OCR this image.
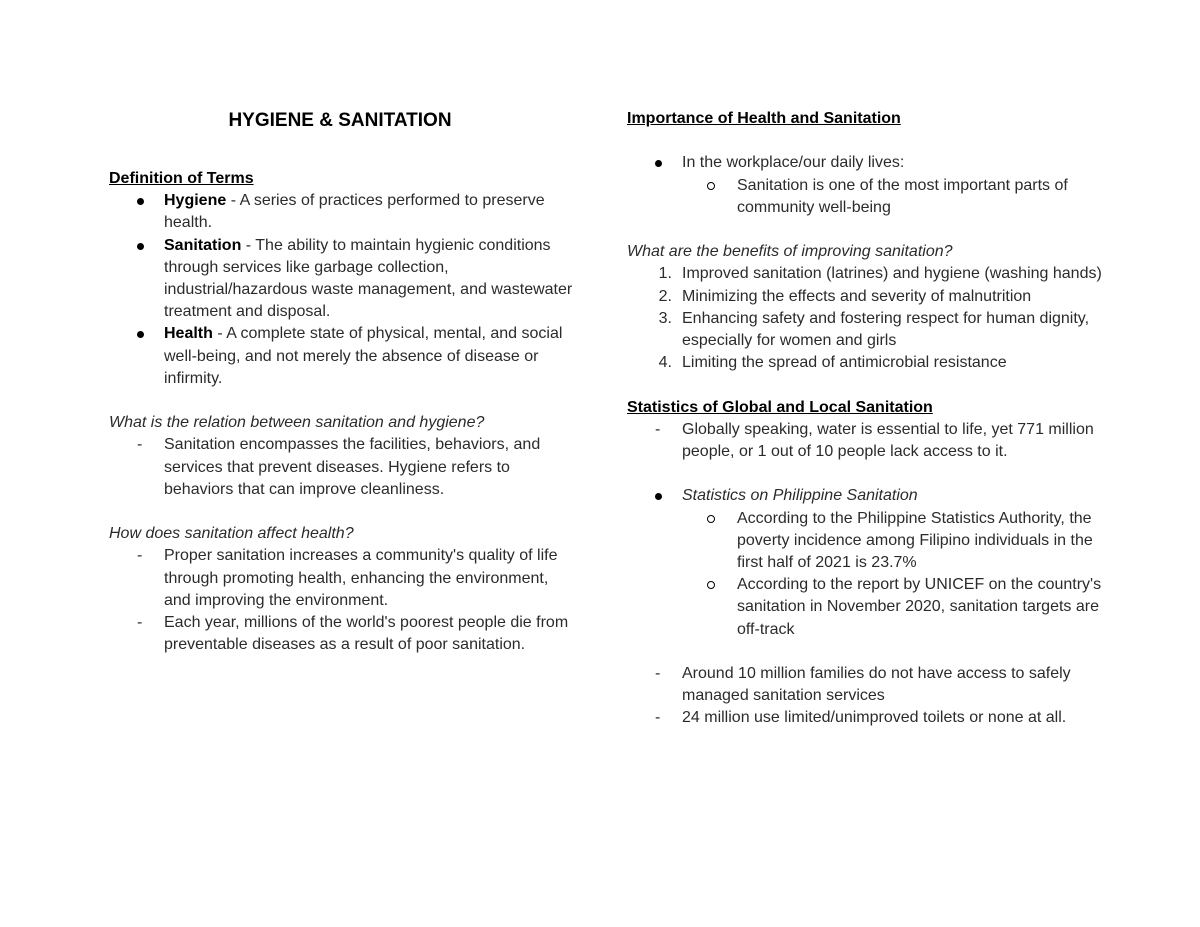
HYGIENE & SANITATION

Definition of Terms

Hygiene - A series of practices performed to preserve health.
Sanitation - The ability to maintain hygienic conditions through services like garbage collection, industrial/hazardous waste management, and wastewater treatment and disposal.
Health - A complete state of physical, mental, and social well-being, and not merely the absence of disease or infirmity.

What is the relation between sanitation and hygiene?

-	Sanitation encompasses the facilities, behaviors, and services that prevent diseases. Hygiene refers to behaviors that can improve cleanliness.

How does sanitation affect health?

-	Proper sanitation increases a community's quality of life through promoting health, enhancing the environment, and improving the environment.
-	Each year, millions of the world's poorest people die from preventable diseases as a result of poor sanitation.

Importance of Health and Sanitation

In the workplace/our daily lives:
Sanitation is one of the most important parts of community well-being

What are the benefits of improving sanitation?

1. Improved sanitation (latrines) and hygiene (washing hands)
2. Minimizing the effects and severity of malnutrition
3. Enhancing safety and fostering respect for human dignity, especially for women and girls
4. Limiting the spread of antimicrobial resistance

Statistics of Global and Local Sanitation

-	Globally speaking, water is essential to life, yet 771 million people, or 1 out of 10 people lack access to it.
Statistics on Philippine Sanitation
According to the Philippine Statistics Authority, the poverty incidence among Filipino individuals in the first half of 2021 is 23.7%
According to the report by UNICEF on the country's sanitation in November 2020, sanitation targets are off-track
-	Around 10 million families do not have access to safely managed sanitation services
-	24 million use limited/unimproved toilets or none at all.
